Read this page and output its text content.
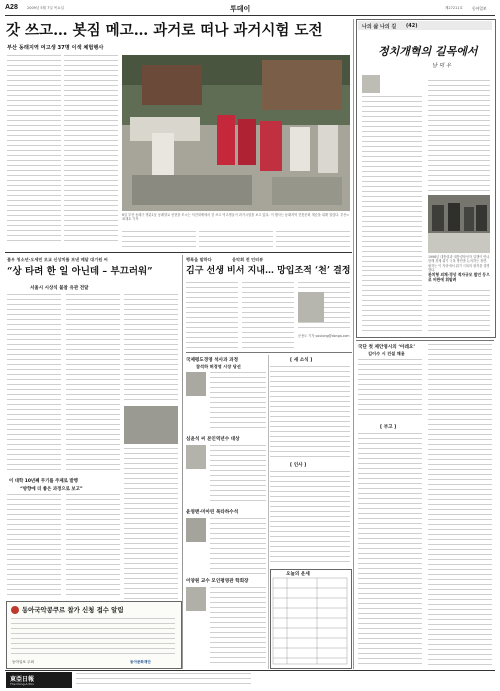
A28	2009년 5월 7일 목요일	투데이	제27211호 동아일보
갓 쓰고… 봇짐 메고… 과거로 떠나 과거시험 도전
부산 동래지역 여고생 37명 이색 체험행사
6일 부산 동래구 명륜1동 동래향교 선현을 모시는 석전대제에서 갓 쓰고 여고생들이 과거시험을 보고 있다. 이 행사는 동래지역 전통문화 계승을 위해 열렸다. 부산=최재호 기자
나의 삶 나의 길 (42)
정치개혁의 길목에서
남 덕 우
1998년 대통령과 대통령당선자 일행이 만나 함께 경제 위기 극복 방안을 논의하는 장면. 필자는 이 자리에서 위기 극복의 원칙을 설명했다.
관치형 외채·경상 적자규모 발언 등으로 비판에 휘말려
불우 청소년·오세민 모교 신상치를 보낸 메달 대기원 씨
“상 타려 한 일 아닌데 – 부끄러워”
서울시 시상식 불참 유관 전달
이 대학 10년째 무기를 주제로 발행
“방향에 더 좋은 과정으로 보고”
동아국악콩쿠르 참가 신청 접수 알림
동아일보 주최	동아문화재단
東亞日報
The Dong-A Ilbo
행복을 말하다	음악회 전 인터뷰
김구 선생 비서 지내… 망입조적 ‘천’ 결정
문용도 기자 youtong@donga.com
국제평도경영 석사과 과정
참석하 허경영 시장 당선
심윤석 씨 본인역년수 대상
윤영맨·미아린 목타하수석
이양원 교수 모인평영관 학회장
[ 새 소식 ]
[ 인사 ]
오늘의 운세
국단 첫 제안영시의 ‘아레오’
김이수 시 건설 채용
[ 부고 ]
